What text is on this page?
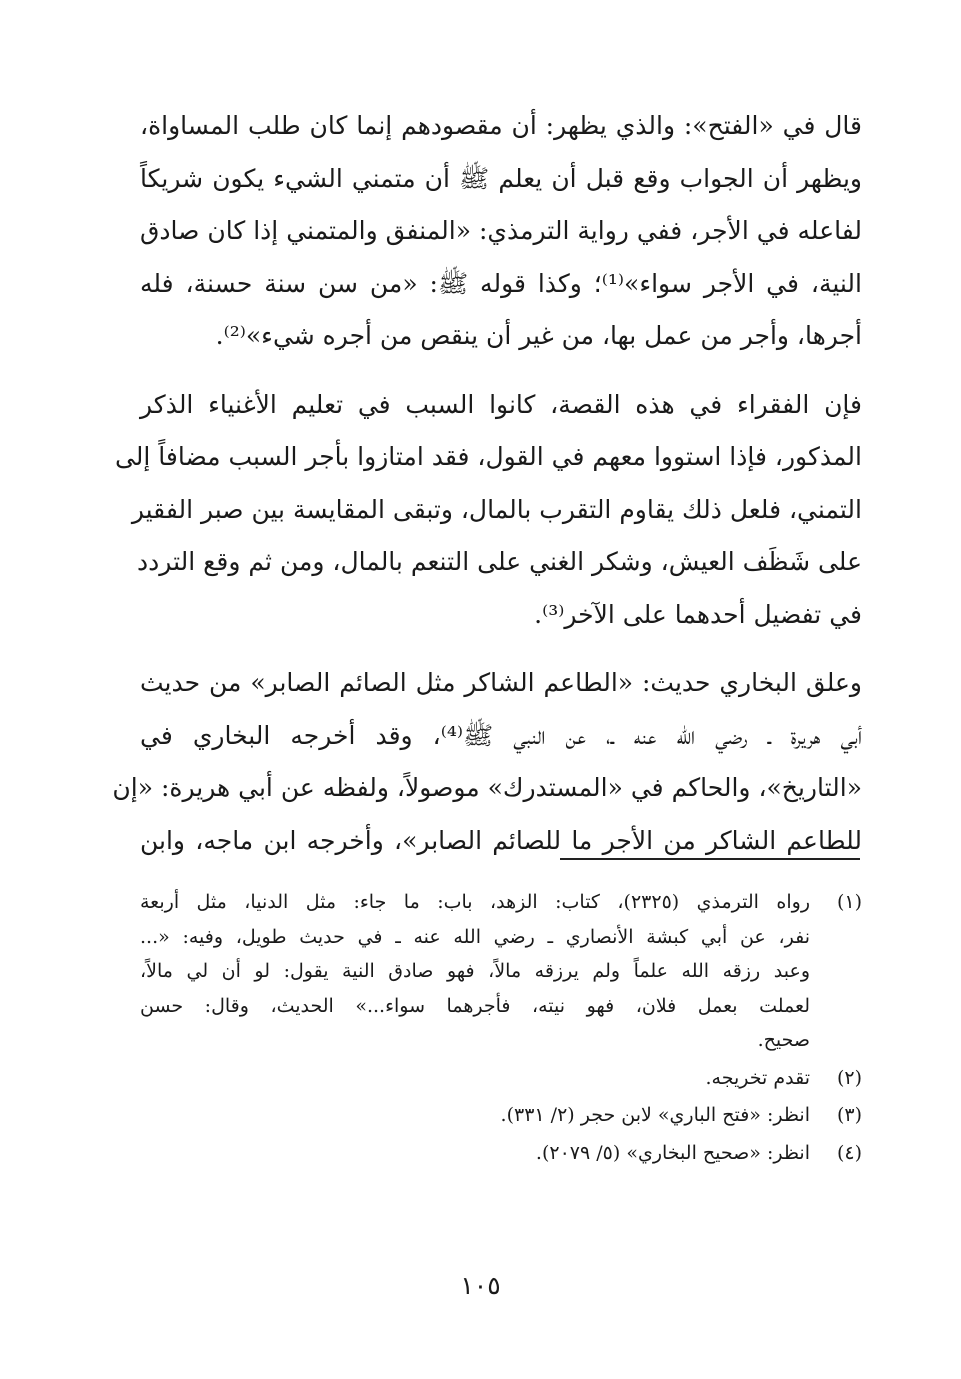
قال في «الفتح»: والذي يظهر: أن مقصودهم إنما كان طلب المساواة،
ويظهر أن الجواب وقع قبل أن يعلم ﷺ أن متمني الشيء يكون شريكاً
لفاعله في الأجر، ففي رواية الترمذي: «المنفق والمتمني إذا كان صادق
النية، في الأجر سواء»⁽¹⁾؛ وكذا قوله ﷺ: «من سن سنة حسنة، فله
أجرها، وأجر من عمل بها، من غير أن ينقص من أجره شيء»⁽²⁾.
فإن الفقراء في هذه القصة، كانوا السبب في تعليم الأغنياء الذكر
المذكور، فإذا استووا معهم في القول، فقد امتازوا بأجر السبب مضافاً إلى
التمني، فلعل ذلك يقاوم التقرب بالمال، وتبقى المقايسة بين صبر الفقير
على شَظَف العيش، وشكر الغني على التنعم بالمال، ومن ثم وقع التردد
في تفضيل أحدهما على الآخر⁽³⁾.
وعلق البخاري حديث: «الطاعم الشاكر مثل الصائم الصابر» من حديث
أبي هريرة ـ رضي الله عنه ـ، عن النبي ﷺ⁽⁴⁾، وقد أخرجه البخاري في
«التاريخ»، والحاكم في «المستدرك» موصولاً، ولفظه عن أبي هريرة: «إن
للطاعم الشاكر من الأجر ما للصائم الصابر»، وأخرجه ابن ماجه، وابن
(١)
رواه الترمذي (٢٣٢٥)، كتاب: الزهد، باب: ما جاء: مثل الدنيا، مثل أربعة
نفر، عن أبي كبشة الأنصاري ـ رضي الله عنه ـ في حديث طويل، وفيه: «...
وعبد رزقه الله علماً ولم يرزقه مالاً، فهو صادق النية يقول: لو أن لي مالاً،
لعملت بعمل فلان، فهو نيته، فأجرهما سواء...» الحديث، وقال: حسن
صحيح.
(٢)
تقدم تخريجه.
(٣)
انظر: «فتح الباري» لابن حجر (٢/ ٣٣١).
(٤)
انظر: «صحيح البخاري» (٥/ ٢٠٧٩).
١٠٥
